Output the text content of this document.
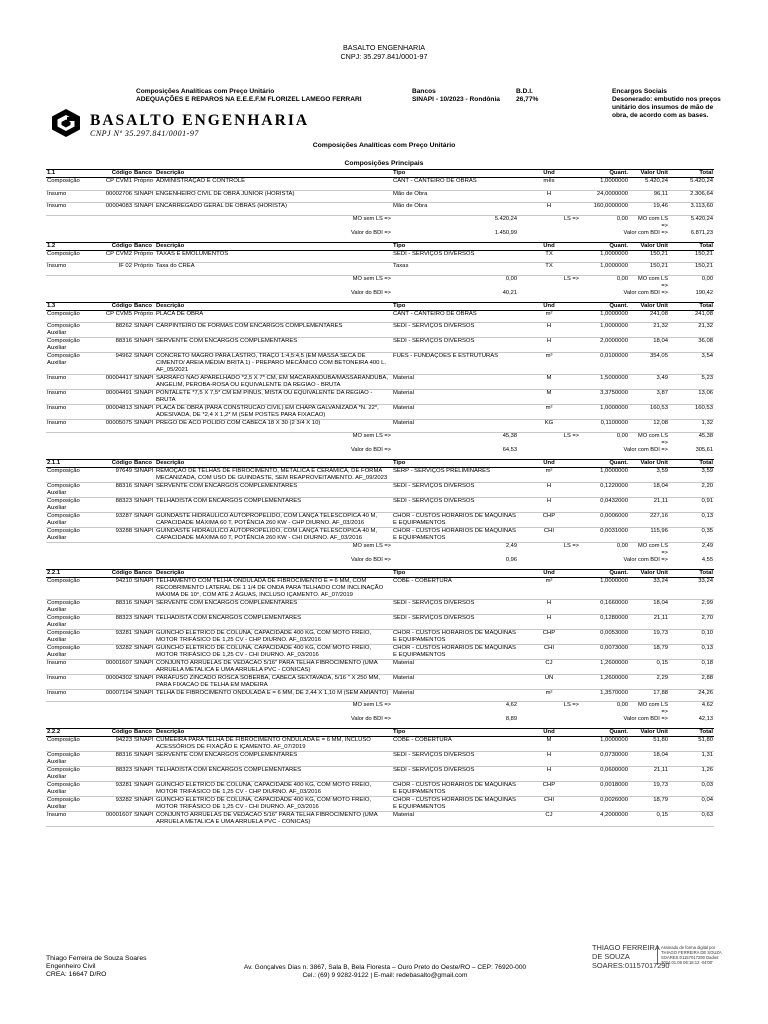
BASALTO ENGENHARIA
CNPJ: 35.297.841/0001-97
Composições Analíticas com Preço Unitário
ADEQUAÇÕES E REPAROS NA E.E.E.F.M FLORIZEL LAMEGO FERRARI
Bancos
SINAPI - 10/2023 - Rondônia
B.D.I.
26,77%
Encargos Sociais
Desonerado: embutido nos preços unitário dos insumos de mão de obra, de acordo com as bases.
BASALTO ENGENHARIA
CNPJ Nº 35.297.841/0001-97
Composições Analíticas com Preço Unitário
Composições Principais
1.1	Código	Banco	Descrição	Tipo	Und	Quant.	Valor Unit	Total
Composição	CP CVM1	Próprio	ADMINISTRAÇÃO E CONTROLE	CANT - CANTEIRO DE OBRAS	mês	1,0000000	5.420,24	5.420,24
Insumo	00002706	SINAPI	ENGENHEIRO CIVIL DE OBRA JUNIOR (HORISTA)	Mão de Obra	H	24,0000000	96,11	2.306,64
Insumo	00004083	SINAPI	ENCARREGADO GERAL DE OBRAS (HORISTA)	Mão de Obra	H	160,0000000	19,46	3.113,60
			MO sem LS =>	5.420,24	LS =>	0,00	MO com LS =>	5.420,24
			Valor do BDI =>	1.450,99		Valor com BDI =>		6.871,23
1.2	Código	Banco	Descrição	Tipo	Und	Quant.	Valor Unit	Total
Composição	CP CVM2	Próprio	TAXAS E EMOLUMENTOS	SEDI - SERVIÇOS DIVERSOS	TX	1,0000000	150,21	150,21
Insumo	IF 02	Próprio	Taxa do CREA	Taxas	TX	1,0000000	150,21	150,21
			MO sem LS =>	0,00	LS =>	0,00	MO com LS =>	0,00
			Valor do BDI =>	40,21		Valor com BDI =>		190,42
1.3	Código	Banco	Descrição	Tipo	Und	Quant.	Valor Unit	Total
Composição	CP CVM5	Próprio	PLACA DE OBRA	CANT - CANTEIRO DE OBRAS	m²	1,0000000	241,08	241,08
Composição Auxiliar	88262	SINAPI	CARPINTEIRO DE FORMAS COM ENCARGOS COMPLEMENTARES	SEDI - SERVIÇOS DIVERSOS	H	1,0000000	21,32	21,32
Composição Auxiliar	88316	SINAPI	SERVENTE COM ENCARGOS COMPLEMENTARES	SEDI - SERVIÇOS DIVERSOS	H	2,0000000	18,04	36,08
Composição Auxiliar	94962	SINAPI	CONCRETO MAGRO PARA LASTRO, TRAÇO 1:4,5:4,5 (EM MASSA SECA DE CIMENTO/ AREIA MÉDIA/ BRITA 1) - PREPARO MECÂNICO COM BETONEIRA 400 L. AF_05/2021	FUES - FUNDAÇÕES E ESTRUTURAS	m³	0,0100000	354,05	3,54
Insumo	00004417	SINAPI	SARRAFO NAO APARELHADO *2,5 X 7* CM, EM MACARANDUBA/MASSARANDUBA, ANGELIM, PEROBA-ROSA OU EQUIVALENTE DA REGIAO - BRUTA	Material	M	1,5000000	3,49	5,23
Insumo	00004491	SINAPI	PONTALETE *7,5 X 7,5* CM EM PINUS, MISTA OU EQUIVALENTE DA REGIAO - BRUTA	Material	M	3,3750000	3,87	13,06
Insumo	00004813	SINAPI	PLACA DE OBRA (PARA CONSTRUCAO CIVIL) EM CHAPA GALVANIZADA *N. 22*, ADESIVADA, DE *2,4 X 1,2* M (SEM POSTES PARA FIXACAO)	Material	m²	1,0000000	160,53	160,53
Insumo	00005075	SINAPI	PREGO DE ACO POLIDO COM CABECA 18 X 30 (2 3/4 X 10)	Material	KG	0,1100000	12,08	1,32
			MO sem LS =>	45,38	LS =>	0,00	MO com LS =>	45,38
			Valor do BDI =>	64,53		Valor com BDI =>		305,61
2.1.1	Código	Banco	Descrição	Tipo	Und	Quant.	Valor Unit	Total
Composição	97649	SINAPI	REMOÇÃO DE TELHAS DE FIBROCIMENTO, METÁLICA E CERÂMICA, DE FORMA MECANIZADA, COM USO DE GUINDASTE, SEM REAPROVEITAMENTO. AF_09/2023	SERP - SERVIÇOS PRELIMINARES	m²	1,0000000	3,59	3,59
Composição Auxiliar	88316	SINAPI	SERVENTE COM ENCARGOS COMPLEMENTARES	SEDI - SERVIÇOS DIVERSOS	H	0,1220000	18,04	2,20
Composição Auxiliar	88323	SINAPI	TELHADISTA COM ENCARGOS COMPLEMENTARES	SEDI - SERVIÇOS DIVERSOS	H	0,0432000	21,11	0,91
Composição Auxiliar	93287	SINAPI	GUINDASTE HIDRÁULICO AUTOPROPELIDO, COM LANÇA TELESCÓPICA 40 M, CAPACIDADE MÁXIMA 60 T, POTÊNCIA 260 KW - CHP DIURNO. AF_03/2016	CHOR - CUSTOS HORÁRIOS DE MÁQUINAS E EQUIPAMENTOS	CHP	0,0006000	227,16	0,13
Composição Auxiliar	93288	SINAPI	GUINDASTE HIDRÁULICO AUTOPROPELIDO, COM LANÇA TELESCÓPICA 40 M, CAPACIDADE MÁXIMA 60 T, POTÊNCIA 260 KW - CHI DIURNO. AF_03/2016	CHOR - CUSTOS HORÁRIOS DE MÁQUINAS E EQUIPAMENTOS	CHI	0,0031000	115,96	0,35
			MO sem LS =>	2,49	LS =>	0,00	MO com LS =>	2,49
			Valor do BDI =>	0,96		Valor com BDI =>		4,55
2.2.1	Código	Banco	Descrição	Tipo	Und	Quant.	Valor Unit	Total
Composição	94210	SINAPI	TELHAMENTO COM TELHA ONDULADA DE FIBROCIMENTO E = 6 MM, COM RECOBRIMENTO LATERAL DE 1 1/4 DE ONDA PARA TELHADO COM INCLINAÇÃO MÁXIMA DE 10°, COM ATÉ 2 ÁGUAS, INCLUSO IÇAMENTO. AF_07/2019	COBE - COBERTURA	m²	1,0000000	33,24	33,24
Composição Auxiliar	88316	SINAPI	SERVENTE COM ENCARGOS COMPLEMENTARES	SEDI - SERVIÇOS DIVERSOS	H	0,1660000	18,04	2,99
Composição Auxiliar	88323	SINAPI	TELHADISTA COM ENCARGOS COMPLEMENTARES	SEDI - SERVIÇOS DIVERSOS	H	0,1280000	21,11	2,70
Composição Auxiliar	93281	SINAPI	GUINCHO ELÉTRICO DE COLUNA, CAPACIDADE 400 KG, COM MOTO FREIO, MOTOR TRIFÁSICO DE 1,25 CV - CHP DIURNO. AF_03/2016	CHOR - CUSTOS HORÁRIOS DE MÁQUINAS E EQUIPAMENTOS	CHP	0,0053000	19,73	0,10
Composição Auxiliar	93282	SINAPI	GUINCHO ELÉTRICO DE COLUNA, CAPACIDADE 400 KG, COM MOTO FREIO, MOTOR TRIFÁSICO DE 1,25 CV - CHI DIURNO. AF_03/2016	CHOR - CUSTOS HORÁRIOS DE MÁQUINAS E EQUIPAMENTOS	CHI	0,0073000	18,79	0,13
Insumo	00001607	SINAPI	CONJUNTO ARRUELAS DE VEDACAO 5/16" PARA TELHA FIBROCIMENTO (UMA ARRUELA METALICA E UMA ARRUELA PVC - CONICAS)	Material	CJ	1,2600000	0,15	0,18
Insumo	00004302	SINAPI	PARAFUSO ZINCADO ROSCA SOBERBA, CABECA SEXTAVADA, 5/16 " X 250 MM, PARA FIXACAO DE TELHA EM MADEIRA	Material	UN	1,2600000	2,29	2,88
Insumo	00007194	SINAPI	TELHA DE FIBROCIMENTO ONDULADA E = 6 MM, DE 2,44 X 1,10 M (SEM AMIANTO)	Material	m²	1,3570000	17,88	24,26
			MO sem LS =>	4,62	LS =>	0,00	MO com LS =>	4,62
			Valor do BDI =>	8,89		Valor com BDI =>		42,13
2.2.2	Código	Banco	Descrição	Tipo	Und	Quant.	Valor Unit	Total
Composição	94223	SINAPI	CUMEEIRA PARA TELHA DE FIBROCIMENTO ONDULADA E = 6 MM, INCLUSO ACESSÓRIOS DE FIXAÇÃO E IÇAMENTO. AF_07/2019	COBE - COBERTURA	M	1,0000000	51,80	51,80
Composição Auxiliar	88316	SINAPI	SERVENTE COM ENCARGOS COMPLEMENTARES	SEDI - SERVIÇOS DIVERSOS	H	0,0730000	18,04	1,31
Composição Auxiliar	88323	SINAPI	TELHADISTA COM ENCARGOS COMPLEMENTARES	SEDI - SERVIÇOS DIVERSOS	H	0,0600000	21,11	1,26
Composição Auxiliar	93281	SINAPI	GUINCHO ELÉTRICO DE COLUNA, CAPACIDADE 400 KG, COM MOTO FREIO, MOTOR TRIFÁSICO DE 1,25 CV - CHP DIURNO. AF_03/2016	CHOR - CUSTOS HORÁRIOS DE MÁQUINAS E EQUIPAMENTOS	CHP	0,0018000	19,73	0,03
Composição Auxiliar	93282	SINAPI	GUINCHO ELÉTRICO DE COLUNA, CAPACIDADE 400 KG, COM MOTO FREIO, MOTOR TRIFÁSICO DE 1,25 CV - CHI DIURNO. AF_03/2016	CHOR - CUSTOS HORÁRIOS DE MÁQUINAS E EQUIPAMENTOS	CHI	0,0026000	18,79	0,04
Insumo	00001607	SINAPI	CONJUNTO ARRUELAS DE VEDACAO 5/16" PARA TELHA FIBROCIMENTO (UMA ARRUELA METALICA E UMA ARRUELA PVC - CONICAS)	Material	CJ	4,2000000	0,15	0,63
Thiago Ferreira de Souza Soares
Engenheiro Civil
CREA: 16647 D/RO
Av. Gonçalves Dias n. 3867, Sala B, Bela Floresta – Ouro Preto do Oeste/RO – CEP: 76920-000
Cel.: (69) 9 9282-9122 | E-mail: redebasalto@gmail.com
THIAGO FERREIRA DE SOUZA SOARES:01157017290
Assinado de forma digital por THIAGO FERREIRA DE SOUZA SOARES:01157017290 Dados: 2024.01.06 06:18:12 -04'00'
